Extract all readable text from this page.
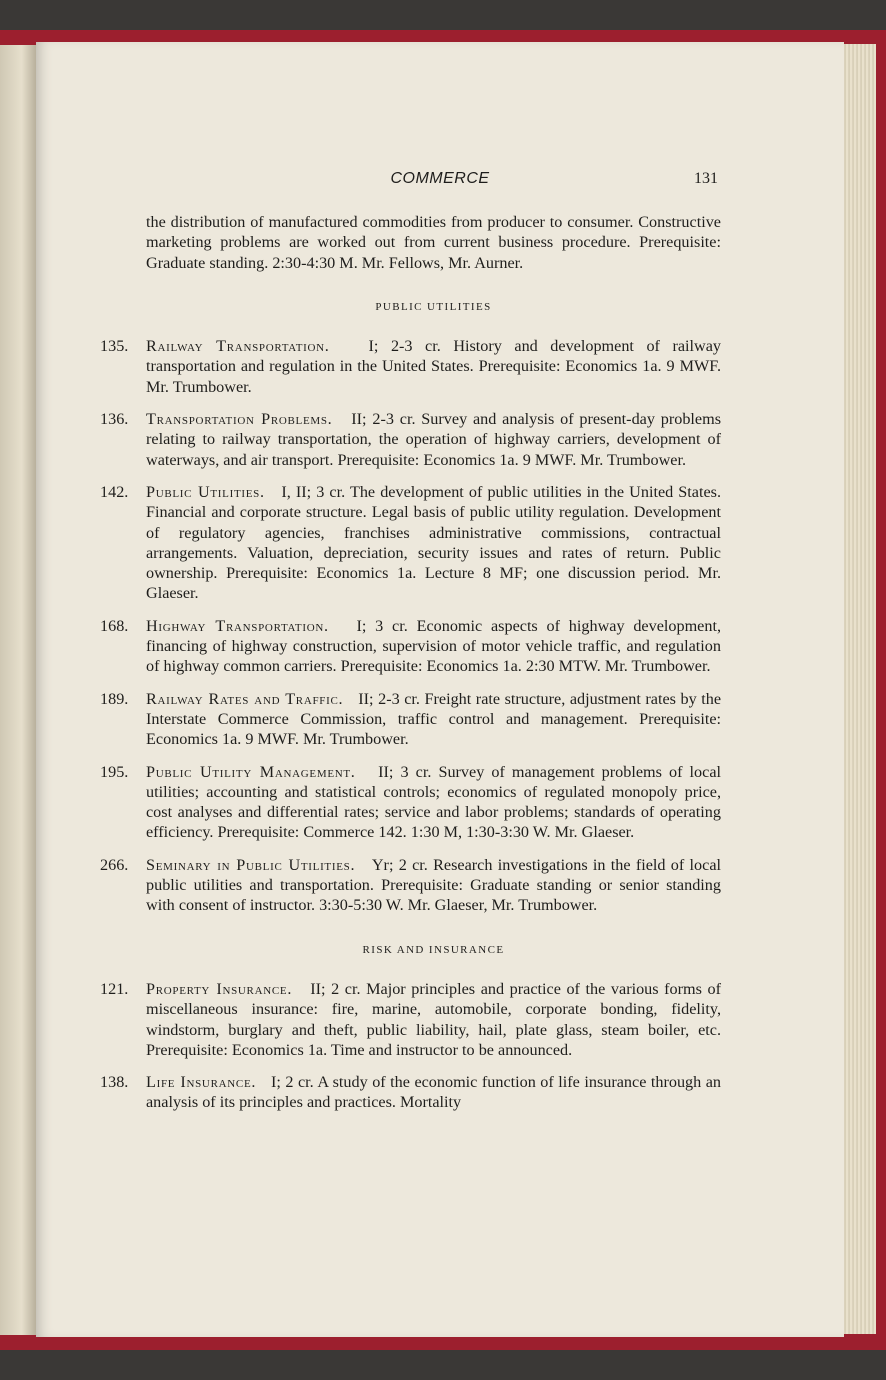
COMMERCE	131

the distribution of manufactured commodities from producer to consumer. Constructive marketing problems are worked out from current business procedure. Prerequisite: Graduate standing. 2:30-4:30 M. Mr. Fellows, Mr. Aurner.

PUBLIC UTILITIES
135. Railway Transportation.   I; 2-3 cr. History and development of railway transportation and regulation in the United States. Prerequisite: Economics 1a. 9 MWF. Mr. Trumbower.
136. Transportation Problems.   II; 2-3 cr. Survey and analysis of present-day problems relating to railway transportation, the operation of highway carriers, development of waterways, and air transport. Prerequisite: Economics 1a. 9 MWF. Mr. Trumbower.
142. Public Utilities.   I, II; 3 cr. The development of public utilities in the United States. Financial and corporate structure. Legal basis of public utility regulation. Development of regulatory agencies, franchises administrative commissions, contractual arrangements. Valuation, depreciation, security issues and rates of return. Public ownership. Prerequisite: Economics 1a. Lecture 8 MF; one discussion period. Mr. Glaeser.
168. Highway Transportation.   I; 3 cr. Economic aspects of highway development, financing of highway construction, supervision of motor vehicle traffic, and regulation of highway common carriers. Prerequisite: Economics 1a. 2:30 MTW. Mr. Trumbower.
189. Railway Rates and Traffic.   II; 2-3 cr. Freight rate structure, adjustment rates by the Interstate Commerce Commission, traffic control and management. Prerequisite: Economics 1a. 9 MWF. Mr. Trumbower.
195. Public Utility Management.   II; 3 cr. Survey of management problems of local utilities; accounting and statistical controls; economics of regulated monopoly price, cost analyses and differential rates; service and labor problems; standards of operating efficiency. Prerequisite: Commerce 142. 1:30 M, 1:30-3:30 W. Mr. Glaeser.
266. Seminary in Public Utilities.   Yr; 2 cr. Research investigations in the field of local public utilities and transportation. Prerequisite: Graduate standing or senior standing with consent of instructor. 3:30-5:30 W. Mr. Glaeser, Mr. Trumbower.
RISK AND INSURANCE
121. Property Insurance.   II; 2 cr. Major principles and practice of the various forms of miscellaneous insurance: fire, marine, automobile, corporate bonding, fidelity, windstorm, burglary and theft, public liability, hail, plate glass, steam boiler, etc. Prerequisite: Economics 1a. Time and instructor to be announced.
138. Life Insurance.   I; 2 cr. A study of the economic function of life insurance through an analysis of its principles and practices. Mortality
